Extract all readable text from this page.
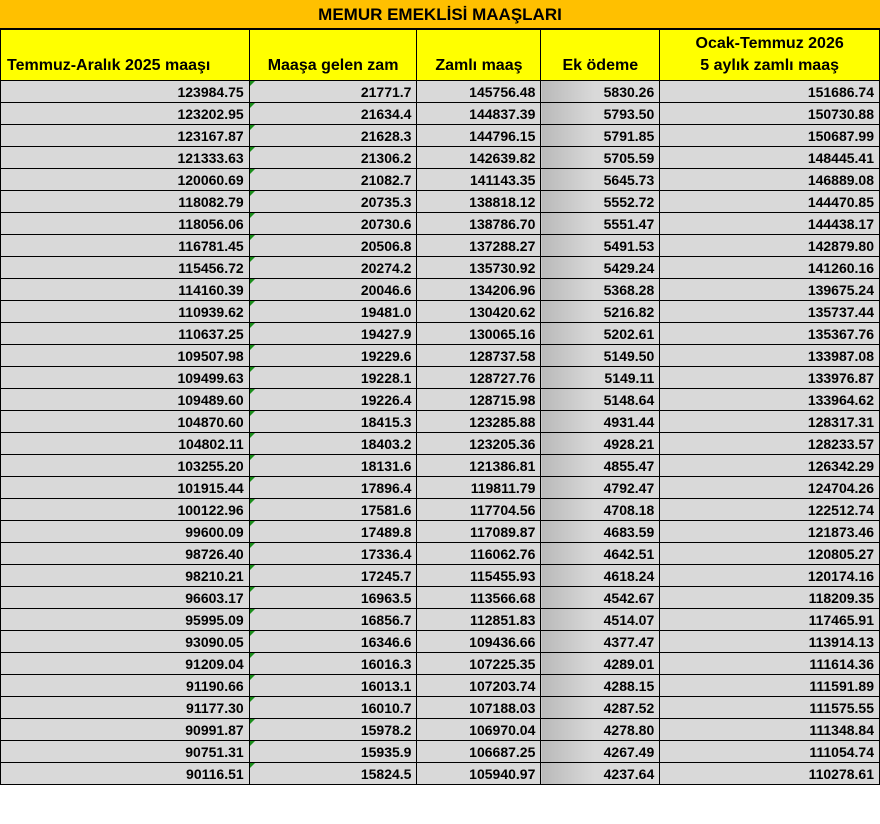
MEMUR EMEKLİSİ MAAŞLARI
Temmuz-Aralık 2025 maaşı	Maaşa gelen zam	Zamlı maaş	Ek ödeme	Ocak-Temmuz 2026
5 aylık zamlı maaş

123984.75	21771.7	145756.48	5830.26	151686.74
123202.95	21634.4	144837.39	5793.50	150730.88
123167.87	21628.3	144796.15	5791.85	150687.99
121333.63	21306.2	142639.82	5705.59	148445.41
120060.69	21082.7	141143.35	5645.73	146889.08
118082.79	20735.3	138818.12	5552.72	144470.85
118056.06	20730.6	138786.70	5551.47	144438.17
116781.45	20506.8	137288.27	5491.53	142879.80
115456.72	20274.2	135730.92	5429.24	141260.16
114160.39	20046.6	134206.96	5368.28	139675.24
110939.62	19481.0	130420.62	5216.82	135737.44
110637.25	19427.9	130065.16	5202.61	135367.76
109507.98	19229.6	128737.58	5149.50	133987.08
109499.63	19228.1	128727.76	5149.11	133976.87
109489.60	19226.4	128715.98	5148.64	133964.62
104870.60	18415.3	123285.88	4931.44	128317.31
104802.11	18403.2	123205.36	4928.21	128233.57
103255.20	18131.6	121386.81	4855.47	126342.29
101915.44	17896.4	119811.79	4792.47	124704.26
100122.96	17581.6	117704.56	4708.18	122512.74
99600.09	17489.8	117089.87	4683.59	121873.46
98726.40	17336.4	116062.76	4642.51	120805.27
98210.21	17245.7	115455.93	4618.24	120174.16
96603.17	16963.5	113566.68	4542.67	118209.35
95995.09	16856.7	112851.83	4514.07	117465.91
93090.05	16346.6	109436.66	4377.47	113914.13
91209.04	16016.3	107225.35	4289.01	111614.36
91190.66	16013.1	107203.74	4288.15	111591.89
91177.30	16010.7	107188.03	4287.52	111575.55
90991.87	15978.2	106970.04	4278.80	111348.84
90751.31	15935.9	106687.25	4267.49	111054.74
90116.51	15824.5	105940.97	4237.64	110278.61
